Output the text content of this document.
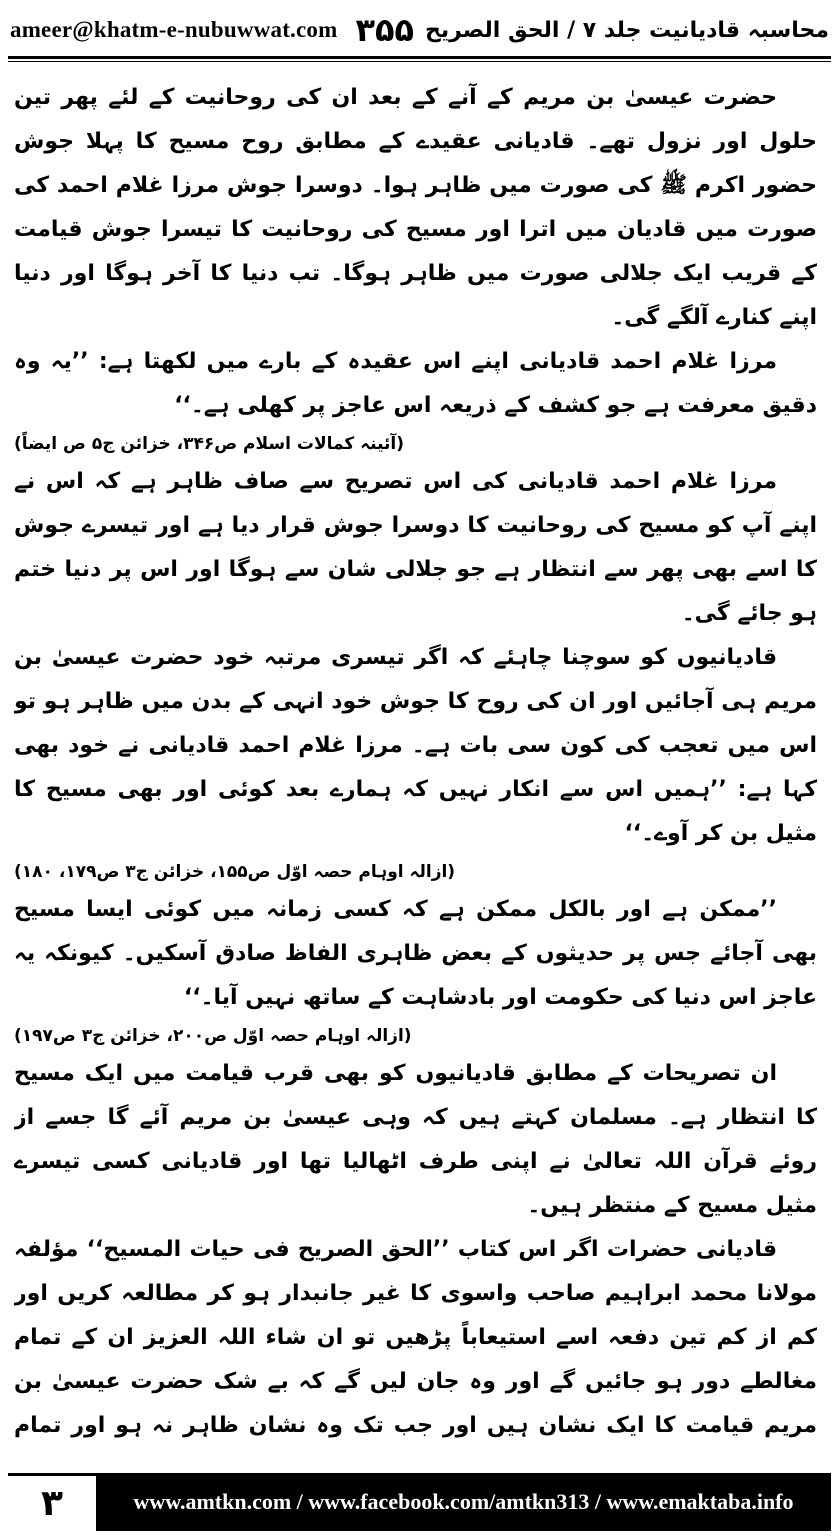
ameer@khatm-e-nubuwwat.com ۳۵۵ محاسبہ قادیانیت جلد ۷ / الحق الصریح

حضرت عیسیٰ بن مریم کے آنے کے بعد ان کی روحانیت کے لئے پھر تین حلول اور نزول تھے۔ قادیانی عقیدے کے مطابق روح مسیح کا پہلا جوش حضور اکرم ﷺ کی صورت میں ظاہر ہوا۔ دوسرا جوش مرزا غلام احمد کی صورت میں قادیان میں اترا اور مسیح کی روحانیت کا تیسرا جوش قیامت کے قریب ایک جلالی صورت میں ظاہر ہوگا۔ تب دنیا کا آخر ہوگا اور دنیا اپنے کنارے آلگے گی۔

مرزا غلام احمد قادیانی اپنے اس عقیدہ کے بارے میں لکھتا ہے: ’’یہ وہ دقیق معرفت ہے جو کشف کے ذریعہ اس عاجز پر کھلی ہے۔‘‘

(آئینہ کمالات اسلام ص۳۴۶، خزائن ج۵ ص ایضاً)

مرزا غلام احمد قادیانی کی اس تصریح سے صاف ظاہر ہے کہ اس نے اپنے آپ کو مسیح کی روحانیت کا دوسرا جوش قرار دیا ہے اور تیسرے جوش کا اسے بھی پھر سے انتظار ہے جو جلالی شان سے ہوگا اور اس پر دنیا ختم ہو جائے گی۔

قادیانیوں کو سوچنا چاہئے کہ اگر تیسری مرتبہ خود حضرت عیسیٰ بن مریم ہی آجائیں اور ان کی روح کا جوش خود انہی کے بدن میں ظاہر ہو تو اس میں تعجب کی کون سی بات ہے۔ مرزا غلام احمد قادیانی نے خود بھی کہا ہے: ’’ہمیں اس سے انکار نہیں کہ ہمارے بعد کوئی اور بھی مسیح کا مثیل بن کر آوے۔‘‘

(ازالہ اوہام حصہ اوّل ص۱۵۵، خزائن ج۳ ص۱۷۹، ۱۸۰)

’’ممکن ہے اور بالکل ممکن ہے کہ کسی زمانہ میں کوئی ایسا مسیح بھی آجائے جس پر حدیثوں کے بعض ظاہری الفاظ صادق آسکیں۔ کیونکہ یہ عاجز اس دنیا کی حکومت اور بادشاہت کے ساتھ نہیں آیا۔‘‘

(ازالہ اوہام حصہ اوّل ص۲۰۰، خزائن ج۳ ص۱۹۷)

ان تصریحات کے مطابق قادیانیوں کو بھی قرب قیامت میں ایک مسیح کا انتظار ہے۔ مسلمان کہتے ہیں کہ وہی عیسیٰ بن مریم آئے گا جسے از روئے قرآن اللہ تعالیٰ نے اپنی طرف اٹھالیا تھا اور قادیانی کسی تیسرے مثیل مسیح کے منتظر ہیں۔

قادیانی حضرات اگر اس کتاب ’’الحق الصریح فی حیات المسیح‘‘ مؤلفہ مولانا محمد ابراہیم صاحب واسوی کا غیر جانبدار ہو کر مطالعہ کریں اور کم از کم تین دفعہ اسے استیعاباً پڑھیں تو ان شاء اللہ العزیز ان کے تمام مغالطے دور ہو جائیں گے اور وہ جان لیں گے کہ بے شک حضرت عیسیٰ بن مریم قیامت کا ایک نشان ہیں اور جب تک وہ نشان ظاہر نہ ہو اور تمام

۳	www.amtkn.com / www.facebook.com/amtkn313 / www.emaktaba.info
